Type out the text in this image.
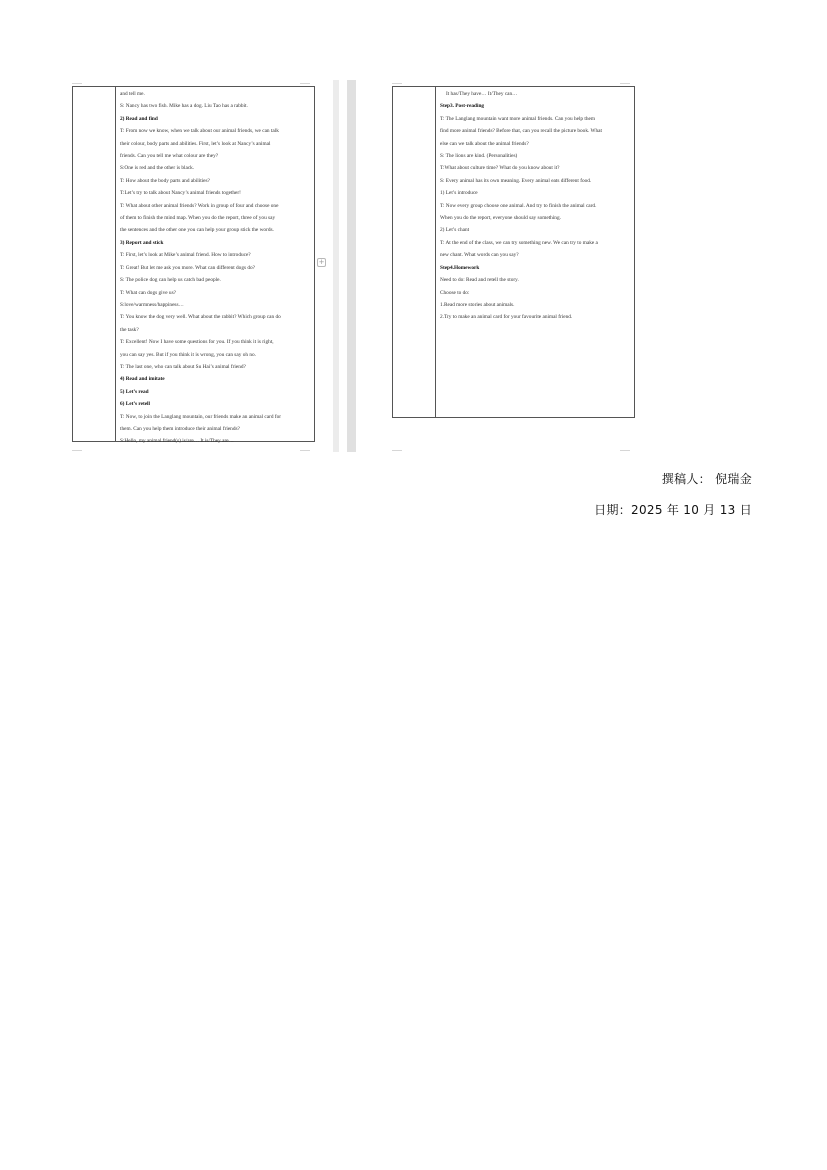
and tell me.
S: Nancy has two fish. Mike has a dog. Liu Tao has a rabbit.
2) Read and find
T: From now we know, when we talk about our animal friends, we can talk
their colour, body parts and abilities. First, let’s look at Nancy’s animal
friends. Can you tell me what colour are they?
S:One is red and the other is black.
T: How about the body parts and abilities?
T:Let’s try to talk about Nancy’s animal friends together!
T: What about other animal friends? Work in group of four and choose one
of them to finish the mind map. When you do the report, three of you say
the sentences and the other one you can help your group stick the words.
3) Report and stick
T: First, let’s look at Mike’s animal friend. How to introduce?
T: Great! But let me ask you more. What can different dogs do?
S: The police dog can help us catch bad people.
T: What can dogs give us?
S:love/warmness/happiness…
T: You know the dog very well. What about the rabbit? Which group can do
the task?
T: Excellent! Now I have some questions for you. If you think it is right,
you can say yes. But if you think it is wrong, you can say oh no.
T: The last one, who can talk about Su Hai’s animal friend?
4) Read and imitate
5) Let’s read
6) Let’s retell
T: Now, to join the Langlang mountain, our friends make an animal card for
them. Can you help them introduce their animal friends?
S:Hello, my animal friend(s) is/are… It is/They are…
+
It has/They have… It/They can…
Step3. Post-reading
T: The Langlang mountain want more animal friends. Can you help them
find more animal friends? Before that, can you recall the picture book. What
else can we talk about the animal friends?
S: The lions are kind. (Personalities)
T:What about culture time? What do you know about it?
S: Every animal has its own meaning. Every animal eats different food.
1) Let’s introduce
T: Now every group choose one animal. And try to finish the animal card.
When you do the report, everyone should say something.
2) Let’s chant
T: At the end of the class, we can try something new. We can try to make a
new chant. What words can you say?
Step4.Homework
Need to do: Read and retell the story.
Choose to do:
1.Read more stories about animals.
2.Try to make an animal card for your favourite animal friend.
撰稿人： 倪瑞金
日期：2025 年 10 月 13 日
